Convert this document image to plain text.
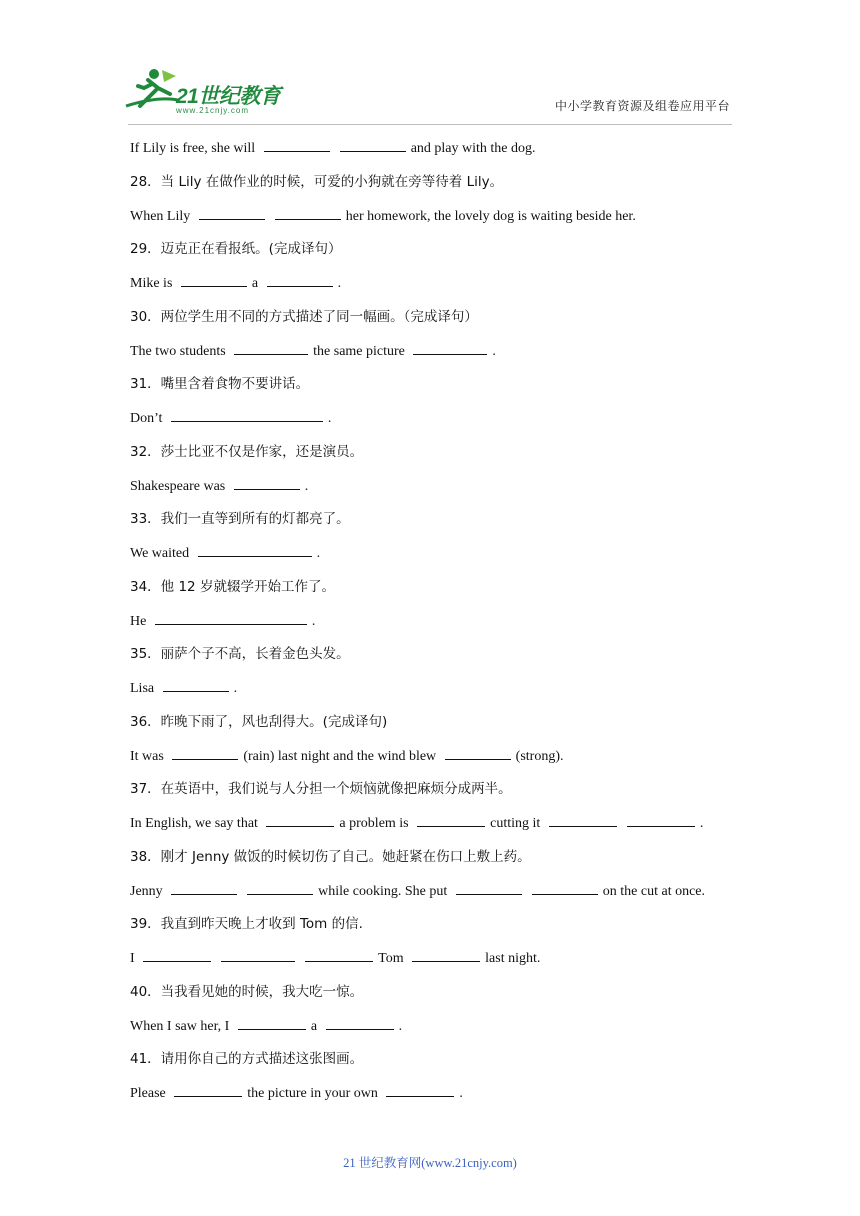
21世纪教育
www.21cnjy.com	中小学教育资源及组卷应用平台
If Lily is free, she will	and play with the dog.
28．当 Lily 在做作业的时候，可爱的小狗就在旁等待着 Lily。
When Lily	her homework, the lovely dog is waiting beside her.
29．迈克正在看报纸。(完成译句）
Mike is	a	.
30．两位学生用不同的方式描述了同一幅画。（完成译句）
The two students	the same picture	.
31．嘴里含着食物不要讲话。
Don’t	.
32．莎士比亚不仅是作家，还是演员。
Shakespeare was	.
33．我们一直等到所有的灯都亮了。
We waited	.
34．他 12 岁就辍学开始工作了。
He	.
35．丽萨个子不高，长着金色头发。
Lisa	.
36．昨晚下雨了，风也刮得大。(完成译句)
It was	(rain) last night and the wind blew	(strong).
37．在英语中，我们说与人分担一个烦恼就像把麻烦分成两半。
In English, we say that	a problem is	cutting it	.
38．刚才 Jenny 做饭的时候切伤了自己。她赶紧在伤口上敷上药。
Jenny	while cooking. She put	on the cut at once.
39．我直到昨天晚上才收到 Tom 的信.
I	Tom	last night.
40．当我看见她的时候，我大吃一惊。
When I saw her, I	a	.
41．请用你自己的方式描述这张图画。
Please	the picture in your own	.
21 世纪教育网(www.21cnjy.com)
